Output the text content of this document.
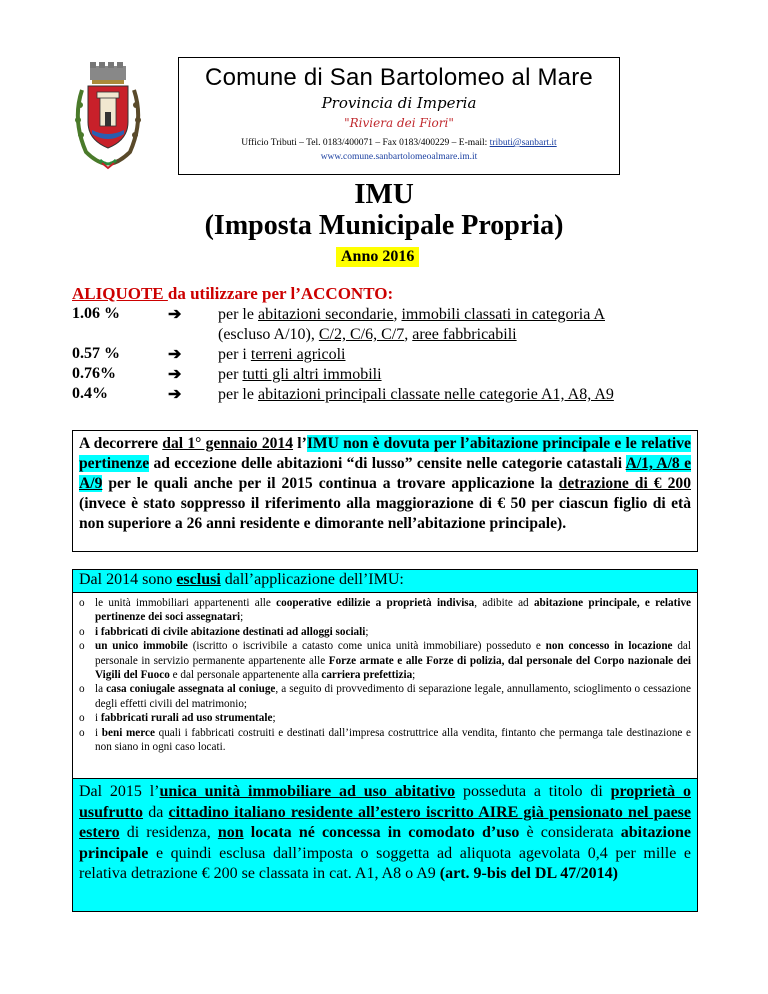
Comune di San Bartolomeo al Mare
Provincia di Imperia
"Riviera dei Fiori"
Ufficio Tributi – Tel. 0183/400071 – Fax 0183/400229 – E-mail: tributi@sanbart.it
www.comune.sanbartolomeoalmare.im.it
IMU
(Imposta Municipale Propria)
Anno 2016
ALIQUOTE da utilizzare per l’ACCONTO:
1.06 %	➔ per le abitazioni secondarie, immobili classati in categoria A
(escluso A/10), C/2, C/6, C/7, aree fabbricabili
0.57 %	➔ per i terreni agricoli
0.76%	➔ per tutti gli altri immobili
0.4%	➔ per le abitazioni principali classate nelle categorie A1, A8, A9
A decorrere dal 1° gennaio 2014 l’IMU non è dovuta per l’abitazione principale e le relative pertinenze ad eccezione delle abitazioni “di lusso” censite nelle categorie catastali A/1, A/8 e A/9 per le quali anche per il 2015 continua a trovare applicazione la detrazione di € 200 (invece è stato soppresso il riferimento alla maggiorazione di € 50 per ciascun figlio di età non superiore a 26 anni residente e dimorante nell’abitazione principale).
Dal 2014 sono esclusi dall’applicazione dell’IMU:
o le unità immobiliari appartenenti alle cooperative edilizie a proprietà indivisa, adibite ad abitazione principale, e relative pertinenze dei soci assegnatari;
o i fabbricati di civile abitazione destinati ad alloggi sociali;
o un unico immobile (iscritto o iscrivibile a catasto come unica unità immobiliare) posseduto e non concesso in locazione dal personale in servizio permanente appartenente alle Forze armate e alle Forze di polizia, dal personale del Corpo nazionale dei Vigili del Fuoco e dal personale appartenente alla carriera prefettizia;
o la casa coniugale assegnata al coniuge, a seguito di provvedimento di separazione legale, annullamento, scioglimento o cessazione degli effetti civili del matrimonio;
o i fabbricati rurali ad uso strumentale;
o i beni merce quali i fabbricati costruiti e destinati dall’impresa costruttrice alla vendita, fintanto che permanga tale destinazione e non siano in ogni caso locati.
Dal 2015 l’unica unità immobiliare ad uso abitativo posseduta a titolo di proprietà o usufrutto da cittadino italiano residente all’estero iscritto AIRE già pensionato nel paese estero di residenza, non locata né concessa in comodato d’uso è considerata abitazione principale e quindi esclusa dall’imposta o soggetta ad aliquota agevolata 0,4 per mille e relativa detrazione € 200 se classata in cat. A1, A8 o A9 (art. 9-bis del DL 47/2014)
